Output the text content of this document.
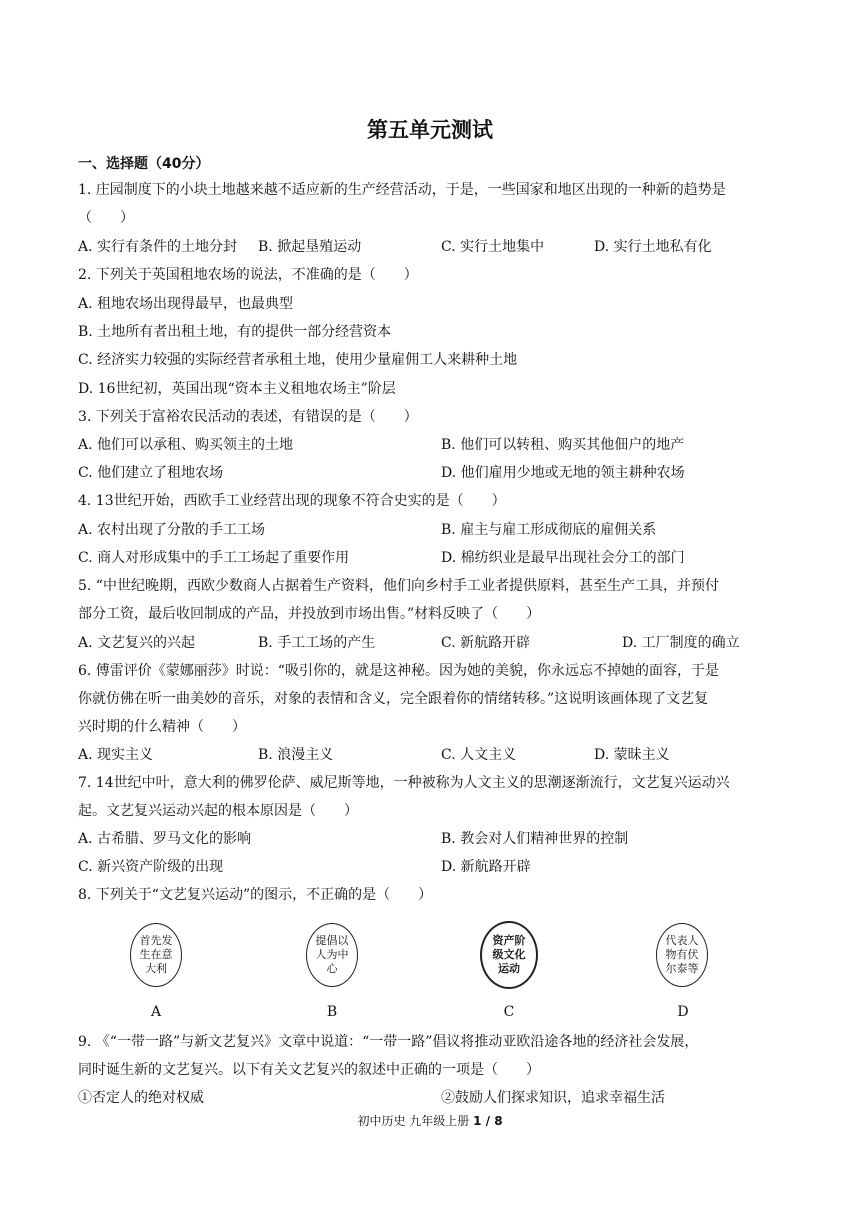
第五单元测试
一、选择题（40分）
1. 庄园制度下的小块土地越来越不适应新的生产经营活动，于是，一些国家和地区出现的一种新的趋势是
（　　）
A. 实行有条件的土地分封 B. 掀起垦殖运动	C. 实行土地集中	D. 实行土地私有化
2. 下列关于英国租地农场的说法，不准确的是（　　）
A. 租地农场出现得最早，也最典型
B. 土地所有者出租土地，有的提供一部分经营资本
C. 经济实力较强的实际经营者承租土地，使用少量雇佣工人来耕种土地
D. 16世纪初，英国出现“资本主义租地农场主”阶层
3. 下列关于富裕农民活动的表述，有错误的是（　　）
A. 他们可以承租、购买领主的土地	B. 他们可以转租、购买其他佃户的地产
C. 他们建立了租地农场	D. 他们雇用少地或无地的领主耕种农场
4. 13世纪开始，西欧手工业经营出现的现象不符合史实的是（　　）
A. 农村出现了分散的手工工场	B. 雇主与雇工形成彻底的雇佣关系
C. 商人对形成集中的手工工场起了重要作用	D. 棉纺织业是最早出现社会分工的部门
5. “中世纪晚期，西欧少数商人占据着生产资料，他们向乡村手工业者提供原料，甚至生产工具，并预付
部分工资，最后收回制成的产品，并投放到市场出售。”材料反映了（　　）
A. 文艺复兴的兴起	B. 手工工场的产生	C. 新航路开辟	D. 工厂制度的确立
6. 傅雷评价《蒙娜丽莎》时说：“吸引你的，就是这神秘。因为她的美貌，你永远忘不掉她的面容，于是
你就仿佛在听一曲美妙的音乐，对象的表情和含义，完全跟着你的情绪转移。”这说明该画体现了文艺复
兴时期的什么精神（　　）
A. 现实主义	B. 浪漫主义	C. 人文主义	D. 蒙昧主义
7. 14世纪中叶，意大利的佛罗伦萨、威尼斯等地，一种被称为人文主义的思潮逐渐流行，文艺复兴运动兴
起。文艺复兴运动兴起的根本原因是（　　）
A. 古希腊、罗马文化的影响	B. 教会对人们精神世界的控制
C. 新兴资产阶级的出现	D. 新航路开辟
8. 下列关于“文艺复兴运动”的图示，不正确的是（　　）
首先发生在意大利
A
提倡以人为中心
B
资产阶级文化运动
C
代表人物有伏尔泰等
D
9. 《“一带一路”与新文艺复兴》文章中说道：“一带一路”倡议将推动亚欧沿途各地的经济社会发展，
同时诞生新的文艺复兴。以下有关文艺复兴的叙述中正确的一项是（　　）
①否定人的绝对权威	②鼓励人们探求知识，追求幸福生活
初中历史 九年级上册 1 / 8
